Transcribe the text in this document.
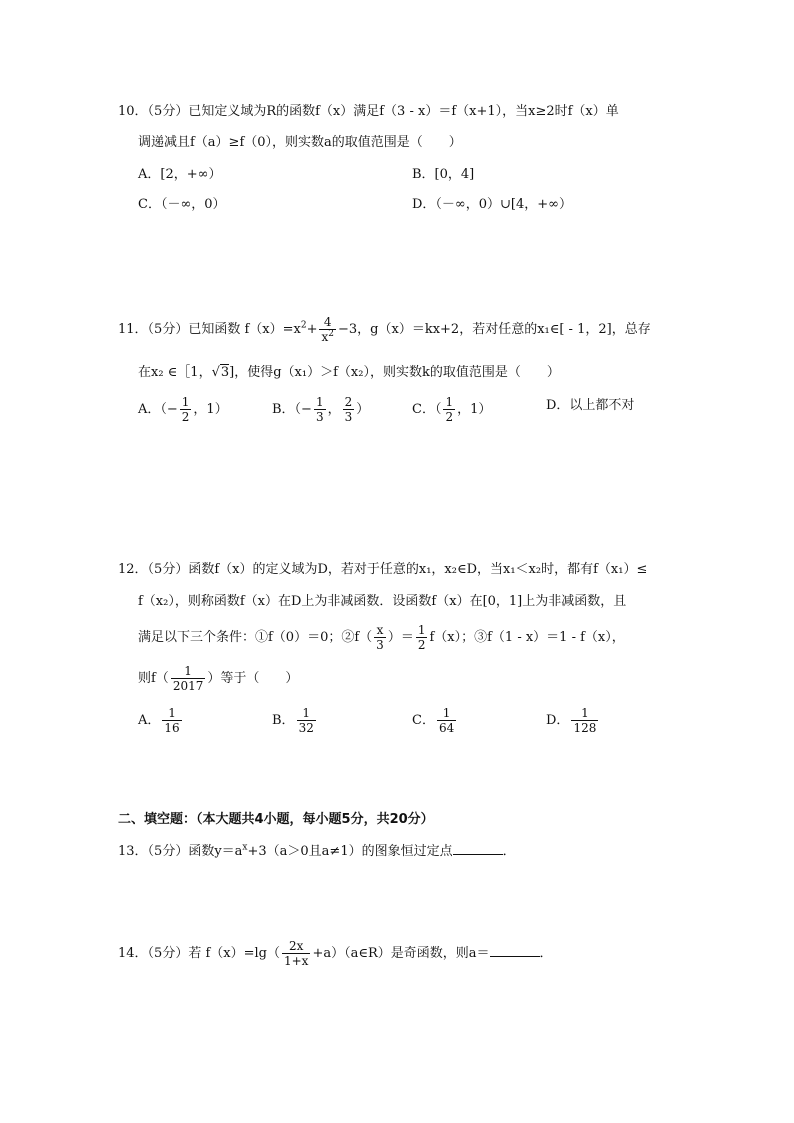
10．（5分）已知定义域为R的函数f（x）满足f（3 - x）＝f（x+1），当x≥2时f（x）单
调递减且f（a）≥f（0），则实数a的取值范围是（　　）
A．[2，+∞）	B．[0，4]
C．（－∞，0）	D．（－∞，0）∪[4，+∞）
11．（5分）已知函数 $f(x)=x^2+ \frac{4}{x^2} -3$，g（x）＝kx+2，若对任意的x₁∈[ - 1，2]，总存
在x₂ ∈［1，√3]，使得g（x₁）＞f（x₂），则实数k的取值范围是（　　）
A．（− $\frac{1}{2}$ ，1）	B．（− $\frac{1}{3}$ ， $\frac{2}{3}$ ）	C．（ $\frac{1}{2}$ ，1）	D．以上都不对
12．（5分）函数f（x）的定义域为D，若对于任意的x₁，x₂∈D，当x₁＜x₂时，都有f（x₁）≤
f（x₂），则称函数f（x）在D上为非减函数．设函数f（x）在[0，1]上为非减函数，且
满足以下三个条件：①f（0）＝0；②f（ $\frac{x}{3}$ ）＝ $\frac{1}{2} f(x)$；③f（1 - x）＝1 - f（x），
则$f( \frac{1}{2017}$ ）等于（　　）
A． $\frac{1}{16}$	B． $\frac{1}{32}$	C． $\frac{1}{64}$	D． $\frac{1}{128}$
二、填空题：（本大题共4小题，每小题5分，共20分）
13．（5分）函数$y=a^x+3(a>0$且a≠1）的图象恒过定点	．
14．（5分）若 $f(x)=\lg( \frac{2x}{1+x}$ +a）（a∈R）是奇函数，则a＝	．
